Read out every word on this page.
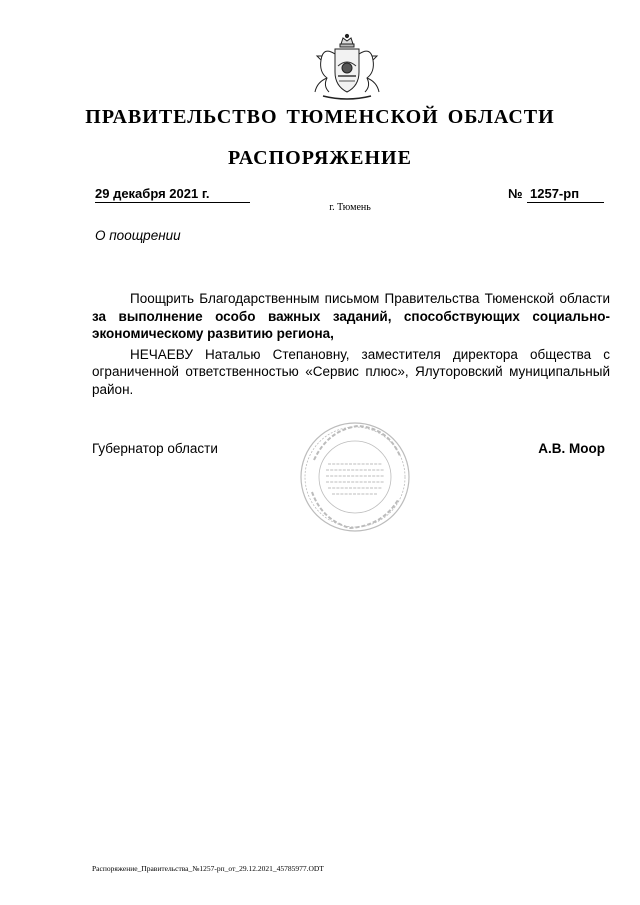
ПРАВИТЕЛЬСТВО ТЮМЕНСКОЙ ОБЛАСТИ
РАСПОРЯЖЕНИЕ
29 декабря 2021 г.	№ 1257-рп
г. Тюмень
О поощрении

Поощрить Благодарственным письмом Правительства Тюменской области за выполнение особо важных заданий, способствующих социально-экономическому развитию региона,

НЕЧАЕВУ Наталью Степановну, заместителя директора общества с ограниченной ответственностью «Сервис плюс», Ялуторовский муниципальный район.

Губернатор области	А.В. Моор
Распоряжение_Правительства_№1257-рп_от_29.12.2021_45785977.ODT
